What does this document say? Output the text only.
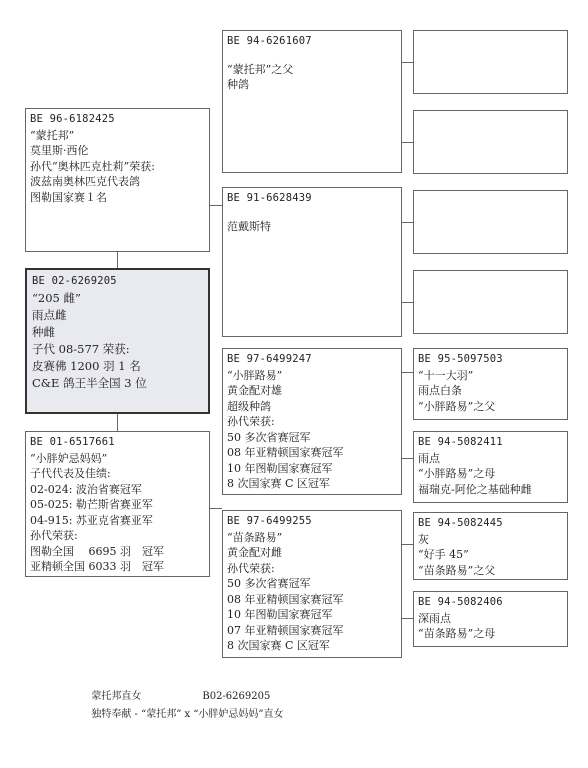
BE 96-6182425
“蒙托邦”
莫里斯·西伦
孙代“奥林匹克杜莉”荣获:
波兹南奥林匹克代表鸽
图勒国家赛１名
BE 02-6269205
“205 雌”
雨点雌
种雌
子代 08-577 荣获:
皮赛佛 1200 羽 1 名
C&E 鸽王半全国 3 位
BE 01-6517661
“小胖妒忌妈妈”
子代代表及佳绩:
02-024: 波治省赛冠军
05-025: 勒芒斯省赛亚军
04-915: 苏亚克省赛亚军
孙代荣获:
图勒全国　 6695 羽　冠军
亚精顿全国 6033 羽　冠军
BE 94-6261607
“蒙托邦”之父
种鸽
BE 91-6628439
范戴斯特
BE 97-6499247
“小胖路易”
黄金配对雄
超级种鸽
孙代荣获:
50 多次省赛冠军
08 年亚精顿国家赛冠军
10 年图勒国家赛冠军
8 次国家赛 C 区冠军
BE 97-6499255
“苗条路易”
黄金配对雌
孙代荣获:
50 多次省赛冠军
08 年亚精顿国家赛冠军
10 年图勒国家赛冠军
07 年亚精顿国家赛冠军
8 次国家赛 C 区冠军
BE 95-5097503
“十一大羽”
雨点白条
“小胖路易”之父
BE 94-5082411
雨点
“小胖路易”之母
福瑞克-阿伦之基础种雌
BE 94-5082445
灰
“好手 45”
“苗条路易”之父
BE 94-5082406
深雨点
“苗条路易”之母

蒙托邦直女	B02-6269205

独特奉献 - “蒙托邦” x “小胖妒忌妈妈”直女
